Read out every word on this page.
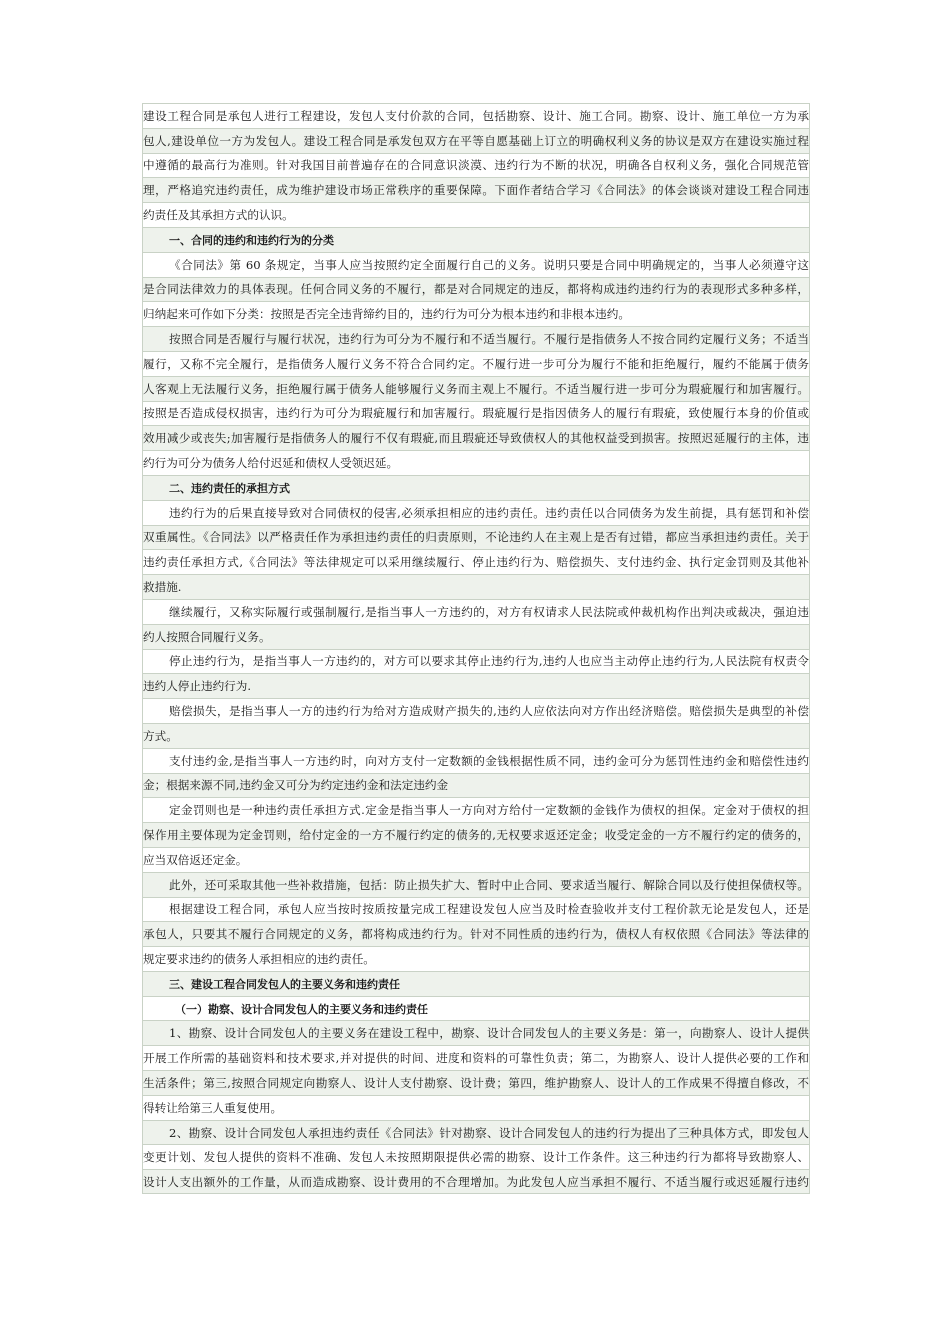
建设工程合同是承包人进行工程建设，发包人支付价款的合同，包括勘察、设计、施工合同。勘察、设计、施工单位一方为承
包人,建设单位一方为发包人。建设工程合同是承发包双方在平等自愿基础上订立的明确权利义务的协议是双方在建设实施过程
中遵循的最高行为准则。针对我国目前普遍存在的合同意识淡漠、违约行为不断的状况，明确各自权利义务，强化合同规范管
理，严格追究违约责任，成为维护建设市场正常秩序的重要保障。下面作者结合学习《合同法》的体会谈谈对建设工程合同违
约责任及其承担方式的认识。
一、合同的违约和违约行为的分类
《合同法》第 60 条规定，当事人应当按照约定全面履行自己的义务。说明只要是合同中明确规定的，当事人必须遵守这
是合同法律效力的具体表现。任何合同义务的不履行，都是对合同规定的违反，都将构成违约违约行为的表现形式多种多样，
归纳起来可作如下分类：按照是否完全违背缔约目的，违约行为可分为根本违约和非根本违约。
按照合同是否履行与履行状况，违约行为可分为不履行和不适当履行。不履行是指债务人不按合同约定履行义务；不适当
履行，又称不完全履行，是指债务人履行义务不符合合同约定。不履行进一步可分为履行不能和拒绝履行，履约不能属于债务
人客观上无法履行义务，拒绝履行属于债务人能够履行义务而主观上不履行。不适当履行进一步可分为瑕疵履行和加害履行。
按照是否造成侵权损害，违约行为可分为瑕疵履行和加害履行。瑕疵履行是指因债务人的履行有瑕疵，致使履行本身的价值或
效用减少或丧失;加害履行是指债务人的履行不仅有瑕疵,而且瑕疵还导致债权人的其他权益受到损害。按照迟延履行的主体，违
约行为可分为债务人给付迟延和债权人受领迟延。
二、违约责任的承担方式
违约行为的后果直接导致对合同债权的侵害,必须承担相应的违约责任。违约责任以合同债务为发生前提，具有惩罚和补偿
双重属性。《合同法》以严格责任作为承担违约责任的归责原则，不论违约人在主观上是否有过错，都应当承担违约责任。关于
违约责任承担方式,《合同法》等法律规定可以采用继续履行、停止违约行为、赔偿损失、支付违约金、执行定金罚则及其他补
救措施.
继续履行，又称实际履行或强制履行,是指当事人一方违约的，对方有权请求人民法院或仲裁机构作出判决或裁决，强迫违
约人按照合同履行义务。
停止违约行为，是指当事人一方违约的，对方可以要求其停止违约行为,违约人也应当主动停止违约行为,人民法院有权责令
违约人停止违约行为.
赔偿损失，是指当事人一方的违约行为给对方造成财产损失的,违约人应依法向对方作出经济赔偿。赔偿损失是典型的补偿
方式。
支付违约金,是指当事人一方违约时，向对方支付一定数额的金钱根据性质不同，违约金可分为惩罚性违约金和赔偿性违约
金；根据来源不同,违约金又可分为约定违约金和法定违约金
定金罚则也是一种违约责任承担方式.定金是指当事人一方向对方给付一定数额的金钱作为债权的担保。定金对于债权的担
保作用主要体现为定金罚则，给付定金的一方不履行约定的债务的,无权要求返还定金；收受定金的一方不履行约定的债务的，
应当双倍返还定金。
此外，还可采取其他一些补救措施，包括：防止损失扩大、暂时中止合同、要求适当履行、解除合同以及行使担保债权等。
根据建设工程合同，承包人应当按时按质按量完成工程建设发包人应当及时检查验收并支付工程价款无论是发包人，还是
承包人，只要其不履行合同规定的义务，都将构成违约行为。针对不同性质的违约行为，债权人有权依照《合同法》等法律的
规定要求违约的债务人承担相应的违约责任。
三、建设工程合同发包人的主要义务和违约责任
（一）勘察、设计合同发包人的主要义务和违约责任
1、勘察、设计合同发包人的主要义务在建设工程中，勘察、设计合同发包人的主要义务是：第一，向勘察人、设计人提供
开展工作所需的基础资料和技术要求,并对提供的时间、进度和资料的可靠性负责；第二，为勘察人、设计人提供必要的工作和
生活条件；第三,按照合同规定向勘察人、设计人支付勘察、设计费；第四，维护勘察人、设计人的工作成果不得擅自修改，不
得转让给第三人重复使用。
2、勘察、设计合同发包人承担违约责任《合同法》针对勘察、设计合同发包人的违约行为提出了三种具体方式，即发包人
变更计划、发包人提供的资料不准确、发包人未按照期限提供必需的勘察、设计工作条件。这三种违约行为都将导致勘察人、
设计人支出额外的工作量，从而造成勘察、设计费用的不合理增加。为此发包人应当承担不履行、不适当履行或迟延履行违约
